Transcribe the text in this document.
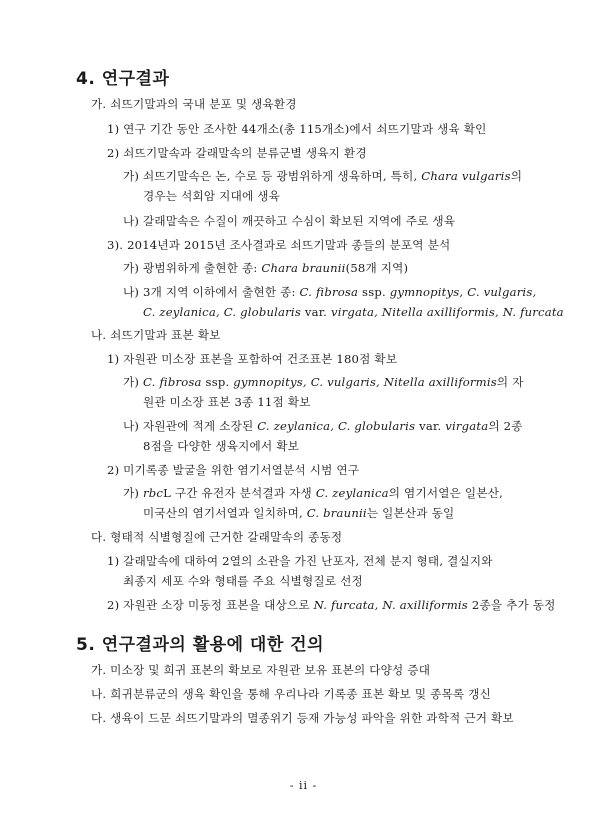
4. 연구결과
가. 쇠뜨기말과의 국내 분포 및 생육환경
1) 연구 기간 동안 조사한 44개소(총 115개소)에서 쇠뜨기말과 생육 확인
2) 쇠뜨기말속과 갈래말속의 분류군별 생육지 환경
가) 쇠뜨기말속은 논, 수로 등 광범위하게 생육하며, 특히, Chara vulgaris의
경우는 석회암 지대에 생육
나) 갈래말속은 수질이 깨끗하고 수심이 확보된 지역에 주로 생육
3). 2014년과 2015년 조사결과로 쇠뜨기말과 종들의 분포역 분석
가) 광범위하게 출현한 종: Chara braunii(58개 지역)
나) 3개 지역 이하에서 출현한 종: C. fibrosa ssp. gymnopitys, C. vulgaris,
C. zeylanica, C. globularis var. virgata, Nitella axilliformis, N. furcata
나. 쇠뜨기말과 표본 확보
1) 자원관 미소장 표본을 포함하여 건조표본 180점 확보
가) C. fibrosa ssp. gymnopitys, C. vulgaris, Nitella axilliformis의 자
원관 미소장 표본 3종 11점 확보
나) 자원관에 적게 소장된 C. zeylanica, C. globularis var. virgata의 2종
8점을 다양한 생육지에서 확보
2) 미기록종 발굴을 위한 염기서열분석 시범 연구
가) rbcL 구간 유전자 분석결과 자생 C. zeylanica의 염기서열은 일본산,
미국산의 염기서열과 일치하며, C. braunii는 일본산과 동일
다. 형태적 식별형질에 근거한 갈래말속의 종동정
1) 갈래말속에 대하여 2열의 소관을 가진 난포자, 전체 분지 형태, 결실지와
최종지 세포 수와 형태를 주요 식별형질로 선정
2) 자원관 소장 미동정 표본을 대상으로 N. furcata, N. axilliformis 2종을 추가 동정
5. 연구결과의 활용에 대한 건의
가. 미소장 및 희귀 표본의 확보로 자원관 보유 표본의 다양성 증대
나. 희귀분류군의 생육 확인을 통해 우리나라 기록종 표본 확보 및 종목록 갱신
다. 생육이 드문 쇠뜨기말과의 멸종위기 등재 가능성 파악을 위한 과학적 근거 확보
- ii -
